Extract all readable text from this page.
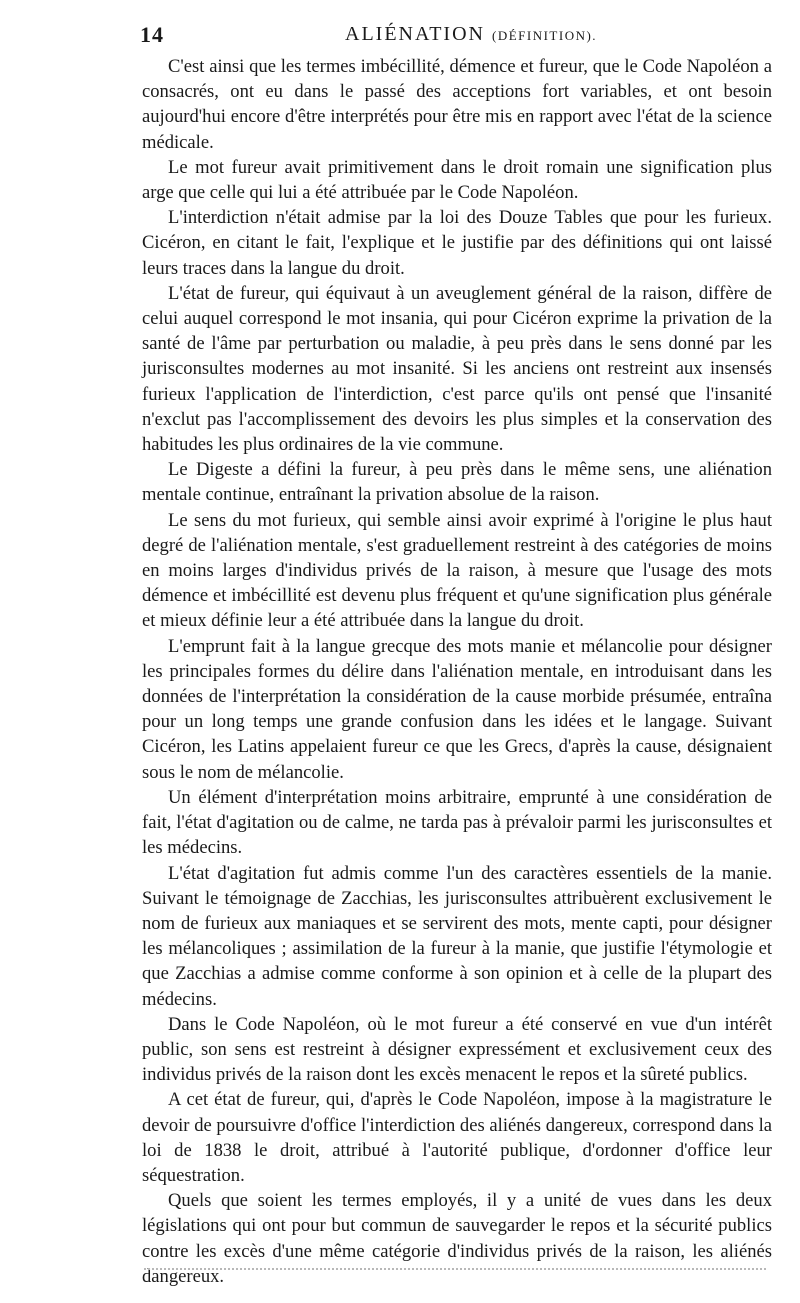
14	ALIÉNATION (DÉFINITION).

C'est ainsi que les termes imbécillité, démence et fureur, que le Code Napoléon a consacrés, ont eu dans le passé des acceptions fort variables, et ont besoin aujourd'hui encore d'être interprétés pour être mis en rapport avec l'état de la science médicale.

Le mot fureur avait primitivement dans le droit romain une signification plus arge que celle qui lui a été attribuée par le Code Napoléon.

L'interdiction n'était admise par la loi des Douze Tables que pour les furieux. Cicéron, en citant le fait, l'explique et le justifie par des définitions qui ont laissé leurs traces dans la langue du droit.

L'état de fureur, qui équivaut à un aveuglement général de la raison, diffère de celui auquel correspond le mot insania, qui pour Cicéron exprime la privation de la santé de l'âme par perturbation ou maladie, à peu près dans le sens donné par les jurisconsultes modernes au mot insanité. Si les anciens ont restreint aux insensés furieux l'application de l'interdiction, c'est parce qu'ils ont pensé que l'insanité n'exclut pas l'accomplissement des devoirs les plus simples et la conservation des habitudes les plus ordinaires de la vie commune.

Le Digeste a défini la fureur, à peu près dans le même sens, une aliénation mentale continue, entraînant la privation absolue de la raison.

Le sens du mot furieux, qui semble ainsi avoir exprimé à l'origine le plus haut degré de l'aliénation mentale, s'est graduellement restreint à des catégories de moins en moins larges d'individus privés de la raison, à mesure que l'usage des mots démence et imbécillité est devenu plus fréquent et qu'une signification plus générale et mieux définie leur a été attribuée dans la langue du droit.

L'emprunt fait à la langue grecque des mots manie et mélancolie pour désigner les principales formes du délire dans l'aliénation mentale, en introduisant dans les données de l'interprétation la considération de la cause morbide présumée, entraîna pour un long temps une grande confusion dans les idées et le langage. Suivant Cicéron, les Latins appelaient fureur ce que les Grecs, d'après la cause, désignaient sous le nom de mélancolie.

Un élément d'interprétation moins arbitraire, emprunté à une considération de fait, l'état d'agitation ou de calme, ne tarda pas à prévaloir parmi les jurisconsultes et les médecins.

L'état d'agitation fut admis comme l'un des caractères essentiels de la manie. Suivant le témoignage de Zacchias, les jurisconsultes attribuèrent exclusivement le nom de furieux aux maniaques et se servirent des mots, mente capti, pour désigner les mélancoliques ; assimilation de la fureur à la manie, que justifie l'étymologie et que Zacchias a admise comme conforme à son opinion et à celle de la plupart des médecins.

Dans le Code Napoléon, où le mot fureur a été conservé en vue d'un intérêt public, son sens est restreint à désigner expressément et exclusivement ceux des individus privés de la raison dont les excès menacent le repos et la sûreté publics.

A cet état de fureur, qui, d'après le Code Napoléon, impose à la magistrature le devoir de poursuivre d'office l'interdiction des aliénés dangereux, correspond dans la loi de 1838 le droit, attribué à l'autorité publique, d'ordonner d'office leur séquestration.

Quels que soient les termes employés, il y a unité de vues dans les deux législations qui ont pour but commun de sauvegarder le repos et la sécurité publics contre les excès d'une même catégorie d'individus privés de la raison, les aliénés dangereux.
